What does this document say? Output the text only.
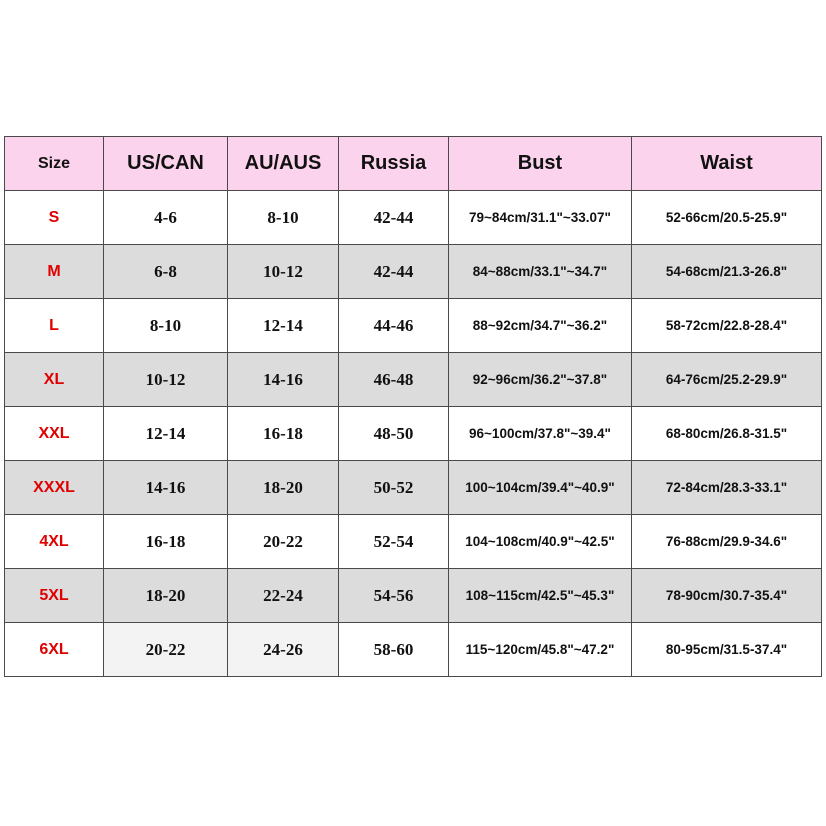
Size	US/CAN	AU/AUS	Russia	Bust	Waist
S	4-6	8-10	42-44	79~84cm/31.1"~33.07"	52-66cm/20.5-25.9"
M	6-8	10-12	42-44	84~88cm/33.1"~34.7"	54-68cm/21.3-26.8"
L	8-10	12-14	44-46	88~92cm/34.7"~36.2"	58-72cm/22.8-28.4"
XL	10-12	14-16	46-48	92~96cm/36.2"~37.8"	64-76cm/25.2-29.9"
XXL	12-14	16-18	48-50	96~100cm/37.8"~39.4"	68-80cm/26.8-31.5"
XXXL	14-16	18-20	50-52	100~104cm/39.4"~40.9"	72-84cm/28.3-33.1"
4XL	16-18	20-22	52-54	104~108cm/40.9"~42.5"	76-88cm/29.9-34.6"
5XL	18-20	22-24	54-56	108~115cm/42.5"~45.3"	78-90cm/30.7-35.4"
6XL	20-22	24-26	58-60	115~120cm/45.8"~47.2"	80-95cm/31.5-37.4"
